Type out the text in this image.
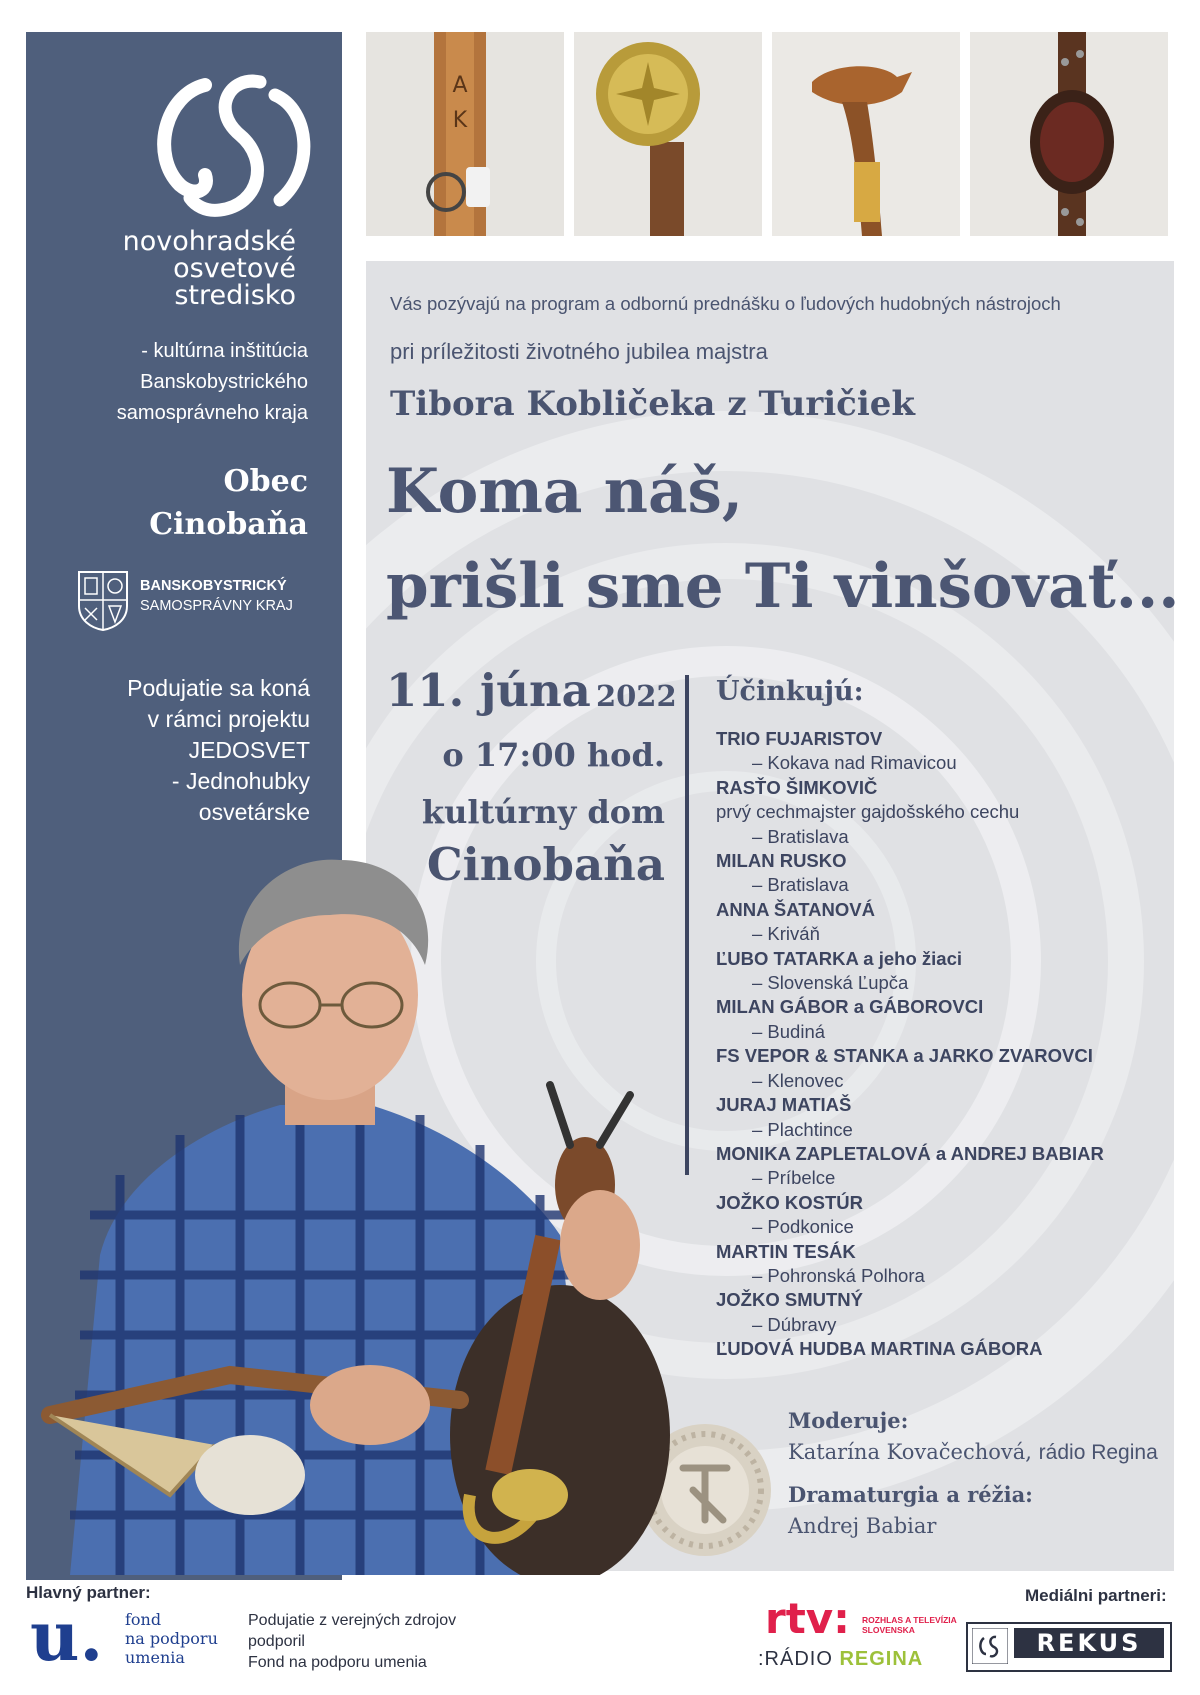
novohradské
osvetové
stredisko
- kultúrna inštitúcia
Banskobystrického
samosprávneho kraja
Obec
Cinobaňa
BANSKOBYSTRICKÝ
SAMOSPRÁVNY KRAJ
Podujatie sa koná
v rámci projektu
JEDOSVET
- Jednohubky
osvetárske
A
K
Vás pozývajú na program a odbornú prednášku o ľudových hudobných nástrojoch
pri príležitosti životného jubilea majstra
Tibora Kobličeka z Turičiek
Koma náš,
prišli sme Ti vinšovať...
11. júna 2022
o 17:00 hod.
kultúrny dom
Cinobaňa
Účinkujú:
TRIO FUJARISTOV
– Kokava nad Rimavicou
RASŤO ŠIMKOVIČ
prvý cechmajster gajdošského cechu
– Bratislava
MILAN RUSKO
– Bratislava
ANNA ŠATANOVÁ
– Kriváň
ĽUBO TATARKA a jeho žiaci
– Slovenská Ľupča
MILAN GÁBOR a GÁBOROVCI
– Budiná
FS VEPOR & STANKA a JARKO ZVAROVCI
– Klenovec
JURAJ MATIAŠ
– Plachtince
MONIKA ZAPLETALOVÁ a ANDREJ BABIAR
– Príbelce
JOŽKO KOSTÚR
– Podkonice
MARTIN TESÁK
– Pohronská Polhora
JOŽKO SMUTNÝ
– Dúbravy
ĽUDOVÁ HUDBA MARTINA GÁBORA
Moderuje:
Katarína Kovačechová, rádio Regina
Dramaturgia a réžia:
Andrej Babiar
Hlavný partner:	Mediálni partneri:
u. fond
na podporu
umenia
Podujatie z verejných zdrojov
podporil
Fond na podporu umenia
rtv: ROZHLAS A TELEVÍZIA
SLOVENSKA
:RÁDIO REGINA
REKUS
